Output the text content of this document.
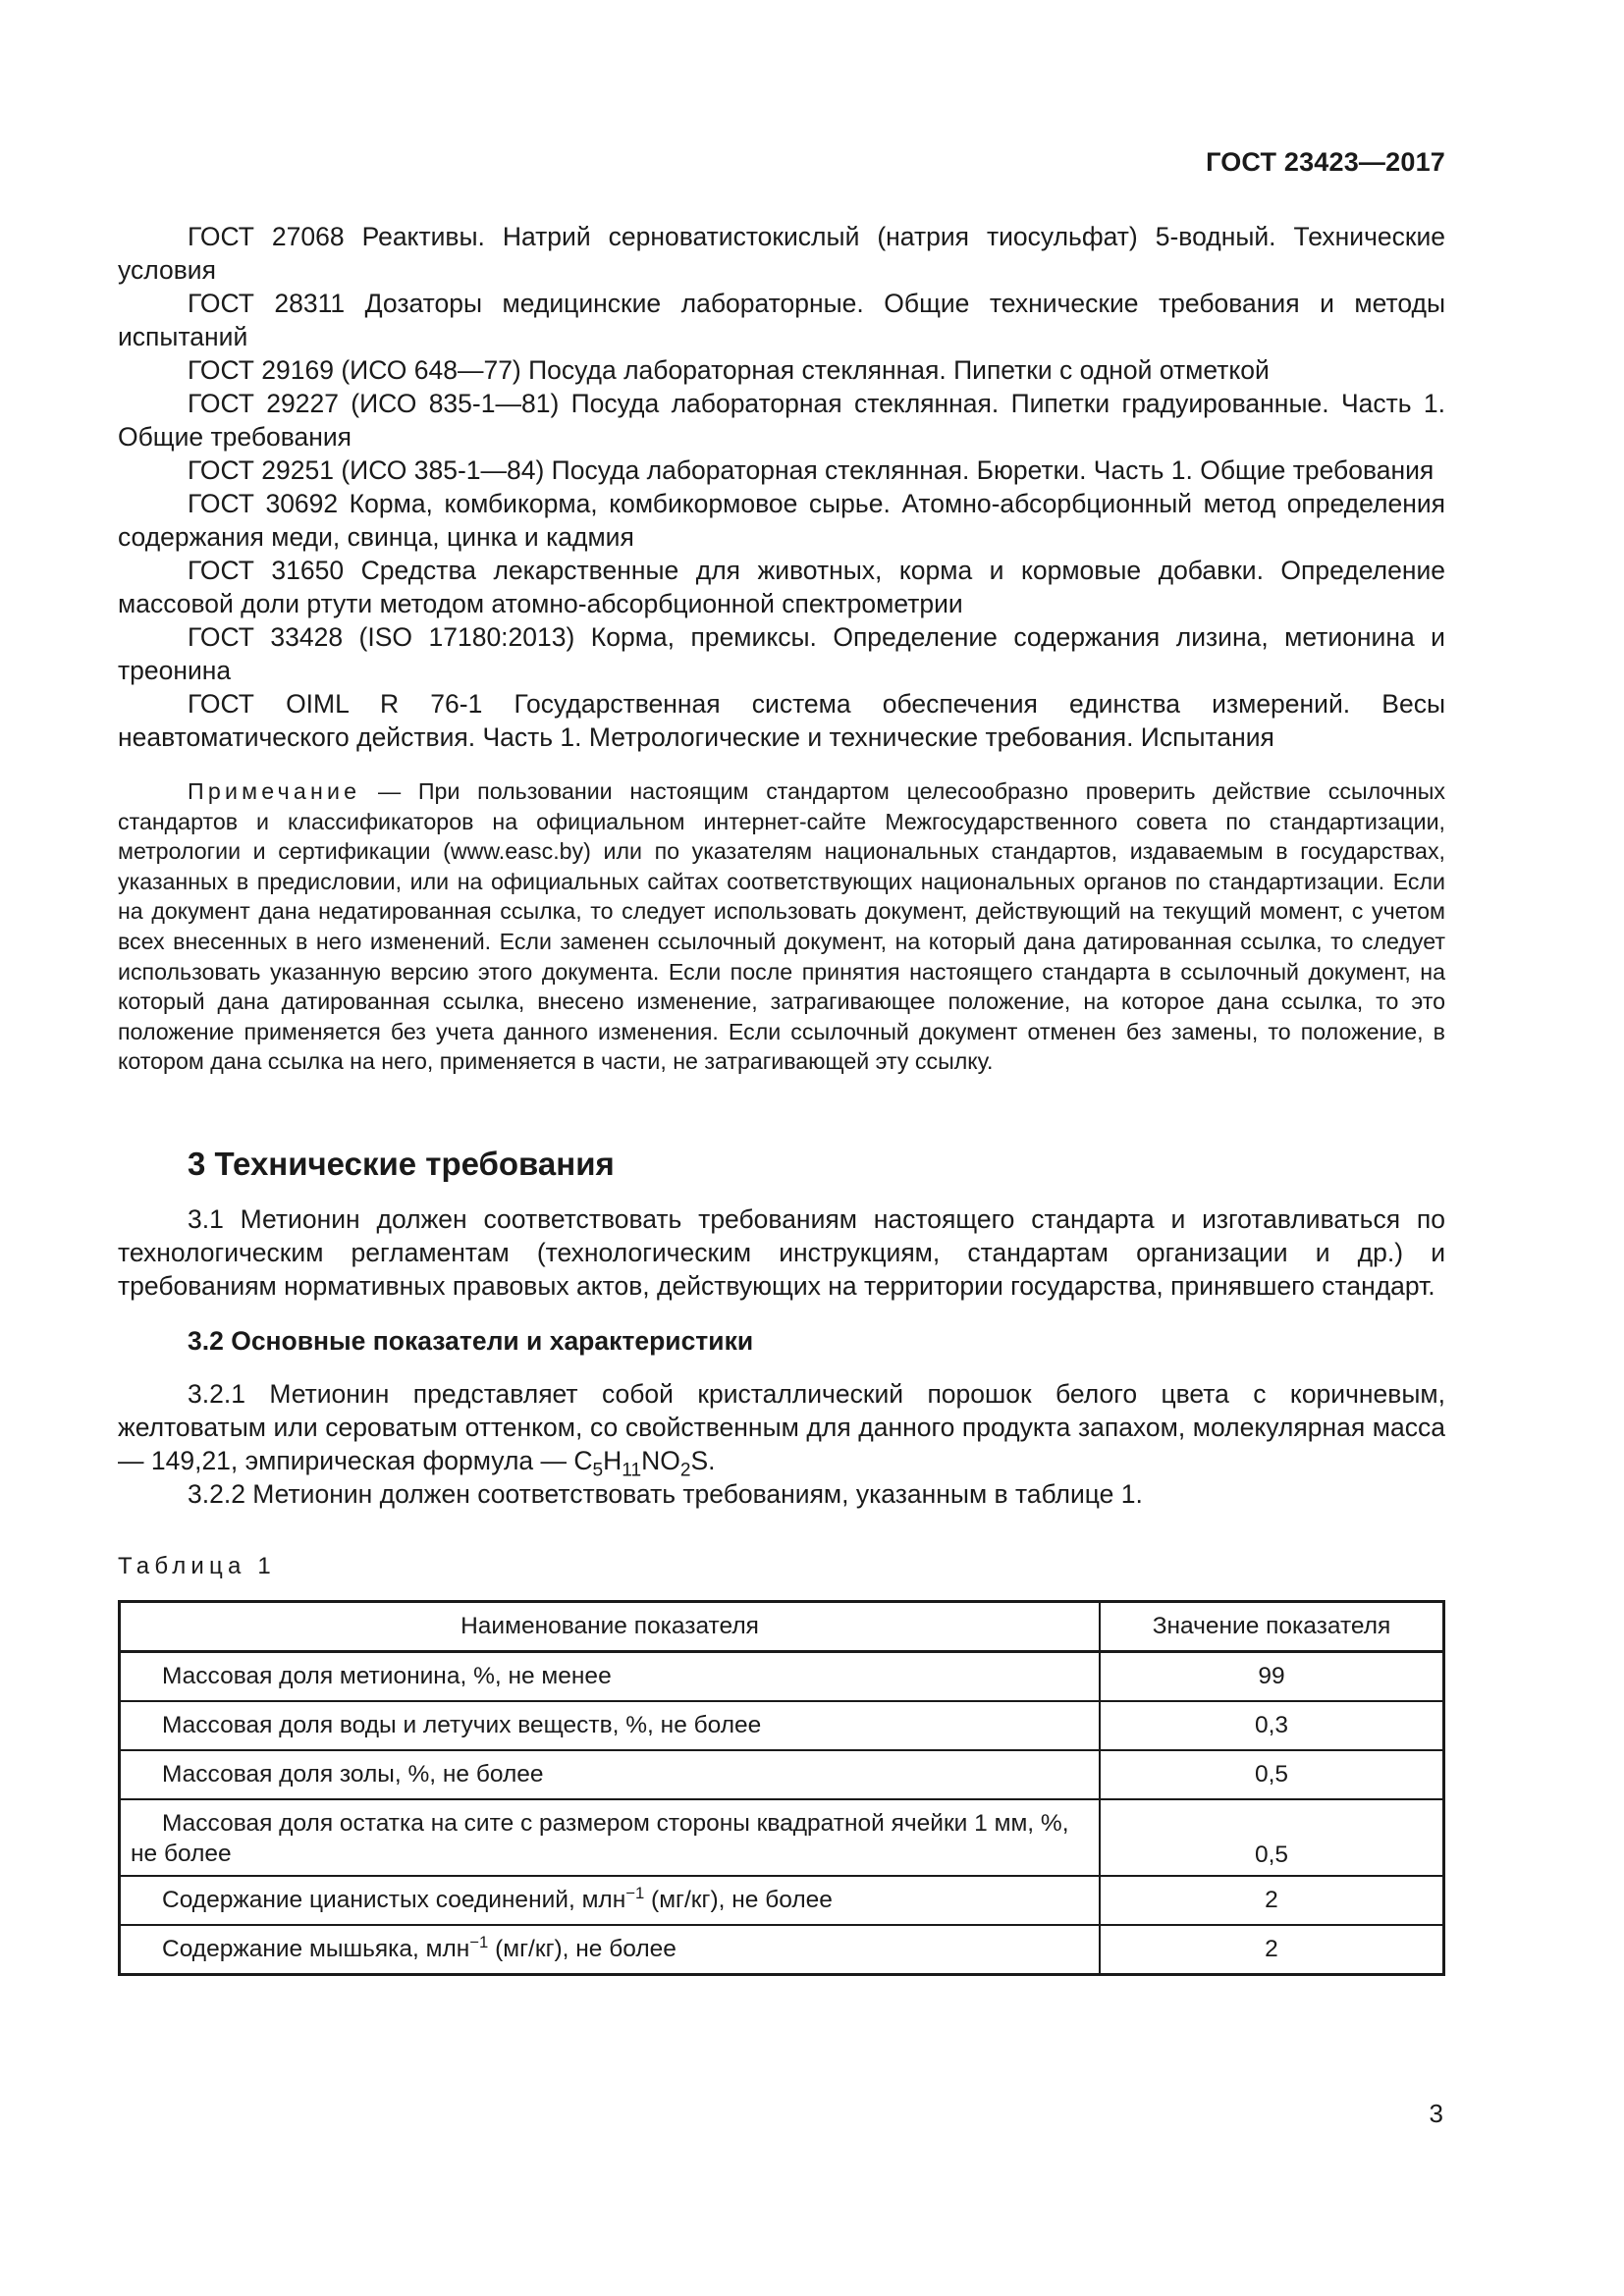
ГОСТ 23423—2017

ГОСТ 27068 Реактивы. Натрий серноватистокислый (натрия тиосульфат) 5-водный. Технические условия

ГОСТ 28311 Дозаторы медицинские лабораторные. Общие технические требования и методы испытаний

ГОСТ 29169 (ИСО 648—77) Посуда лабораторная стеклянная. Пипетки с одной отметкой

ГОСТ 29227 (ИСО 835-1—81) Посуда лабораторная стеклянная. Пипетки градуированные. Часть 1. Общие требования

ГОСТ 29251 (ИСО 385-1—84) Посуда лабораторная стеклянная. Бюретки. Часть 1. Общие требования

ГОСТ 30692 Корма, комбикорма, комбикормовое сырье. Атомно-абсорбционный метод определения содержания меди, свинца, цинка и кадмия

ГОСТ 31650 Средства лекарственные для животных, корма и кормовые добавки. Определение массовой доли ртути методом атомно-абсорбционной спектрометрии

ГОСТ 33428 (ISO 17180:2013) Корма, премиксы. Определение содержания лизина, метионина и треонина

ГОСТ OIML R 76-1 Государственная система обеспечения единства измерений. Весы неавтоматического действия. Часть 1. Метрологические и технические требования. Испытания

Примечание — При пользовании настоящим стандартом целесообразно проверить действие ссылочных стандартов и классификаторов на официальном интернет-сайте Межгосударственного совета по стандартизации, метрологии и сертификации (www.easc.by) или по указателям национальных стандартов, издаваемым в государствах, указанных в предисловии, или на официальных сайтах соответствующих национальных органов по стандартизации. Если на документ дана недатированная ссылка, то следует использовать документ, действующий на текущий момент, с учетом всех внесенных в него изменений. Если заменен ссылочный документ, на который дана датированная ссылка, то следует использовать указанную версию этого документа. Если после принятия настоящего стандарта в ссылочный документ, на который дана датированная ссылка, внесено изменение, затрагивающее положение, на которое дана ссылка, то это положение применяется без учета данного изменения. Если ссылочный документ отменен без замены, то положение, в котором дана ссылка на него, применяется в части, не затрагивающей эту ссылку.

3 Технические требования

3.1 Метионин должен соответствовать требованиям настоящего стандарта и изготавливаться по технологическим регламентам (технологическим инструкциям, стандартам организации и др.) и требованиям нормативных правовых актов, действующих на территории государства, принявшего стандарт.

3.2 Основные показатели и характеристики

3.2.1 Метионин представляет собой кристаллический порошок белого цвета с коричневым, желтоватым или сероватым оттенком, со свойственным для данного продукта запахом, молекулярная масса — 149,21, эмпирическая формула — $C_5H_{11}NO_2S$.

3.2.2 Метионин должен соответствовать требованиям, указанным в таблице 1.

Таблица 1
Наименование показателя	Значение показателя
Массовая доля метионина, %, не менее	99
Массовая доля воды и летучих веществ, %, не более	0,3
Массовая доля золы, %, не более	0,5
Массовая доля остатка на сите с размером стороны квадратной ячейки 1 мм, %, не более	0,5
Содержание цианистых соединений, млн$^{-1}$ (мг/кг), не более	2
Содержание мышьяка, млн$^{-1}$ (мг/кг), не более	2
3
